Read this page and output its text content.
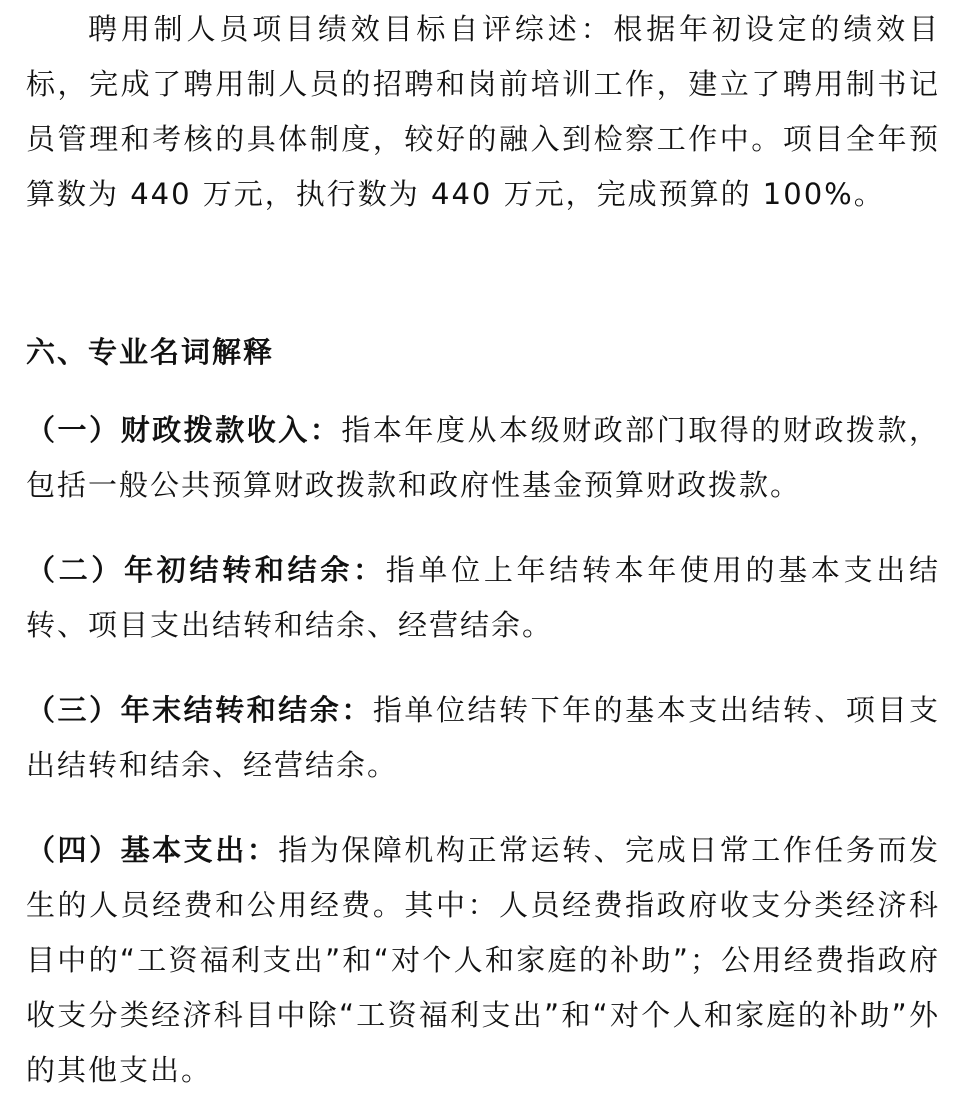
聘用制人员项目绩效目标自评综述：根据年初设定的绩效目标，完成了聘用制人员的招聘和岗前培训工作，建立了聘用制书记员管理和考核的具体制度，较好的融入到检察工作中。项目全年预算数为 440 万元，执行数为 440 万元，完成预算的 100%。

六、专业名词解释

（一）财政拨款收入：指本年度从本级财政部门取得的财政拨款，包括一般公共预算财政拨款和政府性基金预算财政拨款。

（二）年初结转和结余：指单位上年结转本年使用的基本支出结转、项目支出结转和结余、经营结余。

（三）年末结转和结余：指单位结转下年的基本支出结转、项目支出结转和结余、经营结余。

（四）基本支出：指为保障机构正常运转、完成日常工作任务而发生的人员经费和公用经费。其中：人员经费指政府收支分类经济科目中的“工资福利支出”和“对个人和家庭的补助”；公用经费指政府收支分类经济科目中除“工资福利支出”和“对个人和家庭的补助”外的其他支出。
